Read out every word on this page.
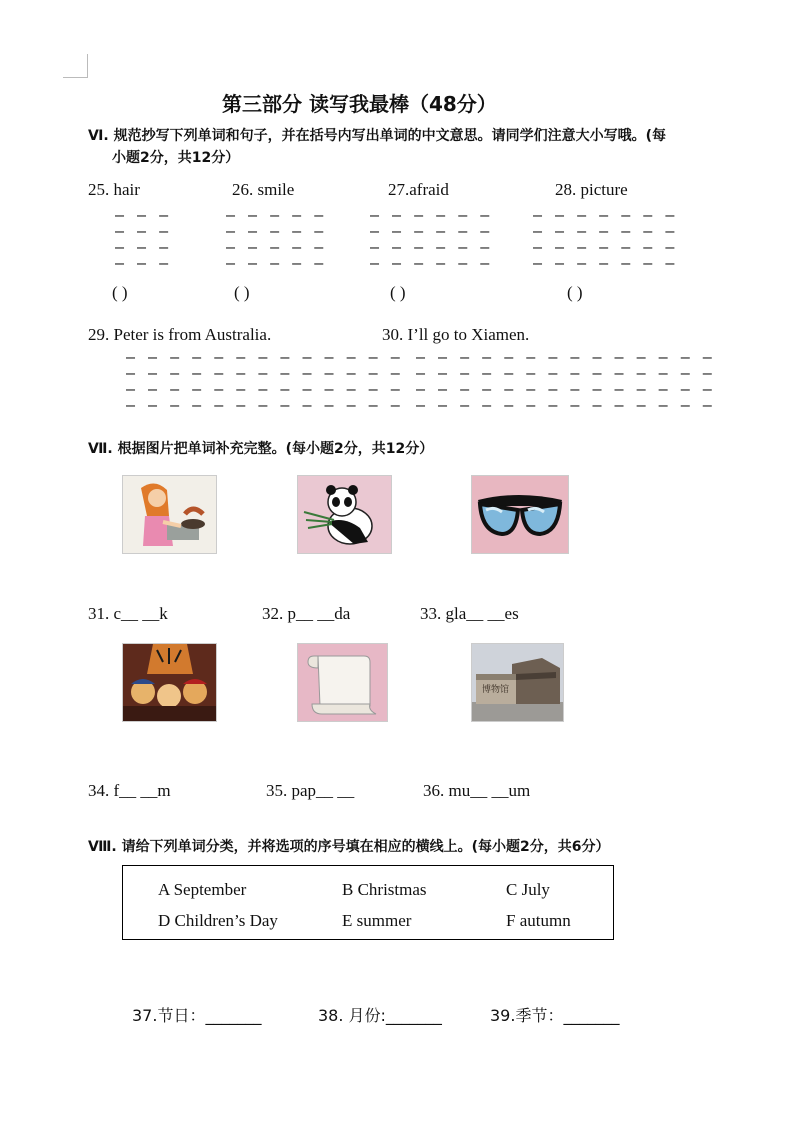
第三部分 读写我最棒（48分）
Ⅵ. 规范抄写下列单词和句子，并在括号内写出单词的中文意思。请同学们注意大小写哦。(每
小题2分，共12分）
25. hair	26. smile	27.afraid	28. picture
— — —
— — —
— — —
— — —
— — — — —
— — — — —
— — — — —
— — — — —
— — — — — —
— — — — — —
— — — — — —
— — — — — —
— — — — — — —
— — — — — — —
— — — — — — —
— — — — — — —
( )	( )	( )	( )
29. Peter is from Australia.	30. I’ll go to Xiamen.
— — — — — — — — — — — — —
— — — — — — — — — — — — —
— — — — — — — — — — — — —
— — — — — — — — — — — — —
— — — — — — — — — — — — — —
— — — — — — — — — — — — — —
— — — — — — — — — — — — — —
— — — — — — — — — — — — — —
Ⅶ. 根据图片把单词补充完整。(每小题2分，共12分）
31. c__ __k	32. p__ __da	33. gla__ __es
博物馆
34. f__ __m	35. pap__ __	36. mu__ __um
Ⅷ. 请给下列单词分类，并将选项的序号填在相应的横线上。(每小题2分，共6分）
A September	B Christmas	C July
D Children’s Day	E summer	F autumn
37.节日：_______	38. 月份:_______	39.季节：_______
